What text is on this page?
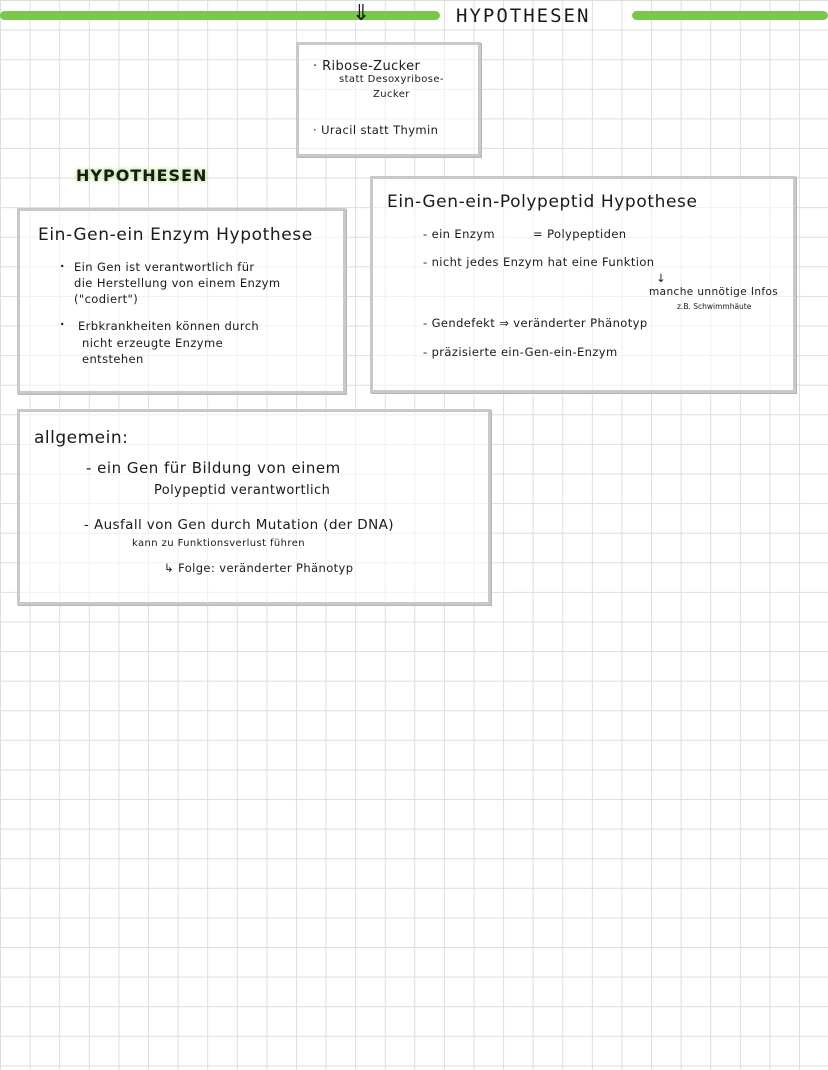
⇓	HYPOTHESEN
· Ribose-Zucker
statt Desoxyribose-
Zucker
· Uracil statt Thymin
HYPOTHESEN
Ein-Gen-ein Enzym Hypothese
· Ein Gen ist verantwortlich für
die Herstellung von einem Enzym
("codiert")
· Erbkrankheiten können durch
nicht erzeugte Enzyme
entstehen
Ein-Gen-ein-Polypeptid Hypothese
- ein Enzym	= Polypeptiden
- nicht jedes Enzym hat eine Funktion
↓
manche unnötige Infos
z.B. Schwimmhäute
- Gendefekt ⇒ veränderter Phänotyp
- präzisierte ein-Gen-ein-Enzym
allgemein:
- ein Gen für Bildung von einem
Polypeptid verantwortlich
- Ausfall von Gen durch Mutation (der DNA)
kann zu Funktionsverlust führen
↳ Folge: veränderter Phänotyp
